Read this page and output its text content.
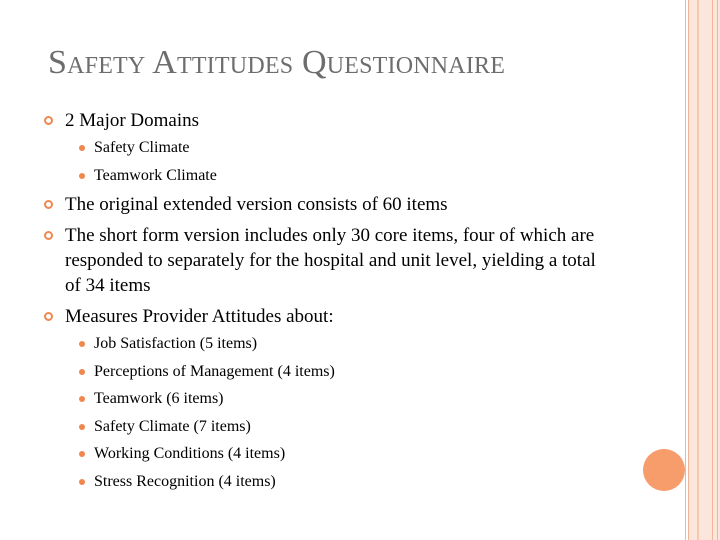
Safety Attitudes Questionnaire
2 Major Domains
Safety Climate
Teamwork Climate
The original extended version consists of 60 items
The short form version includes only 30 core items, four of which are responded to separately for the hospital and unit level, yielding a total of 34 items
Measures Provider Attitudes about:
Job Satisfaction (5 items)
Perceptions of Management (4 items)
Teamwork (6 items)
Safety Climate (7 items)
Working Conditions (4 items)
Stress Recognition (4 items)
